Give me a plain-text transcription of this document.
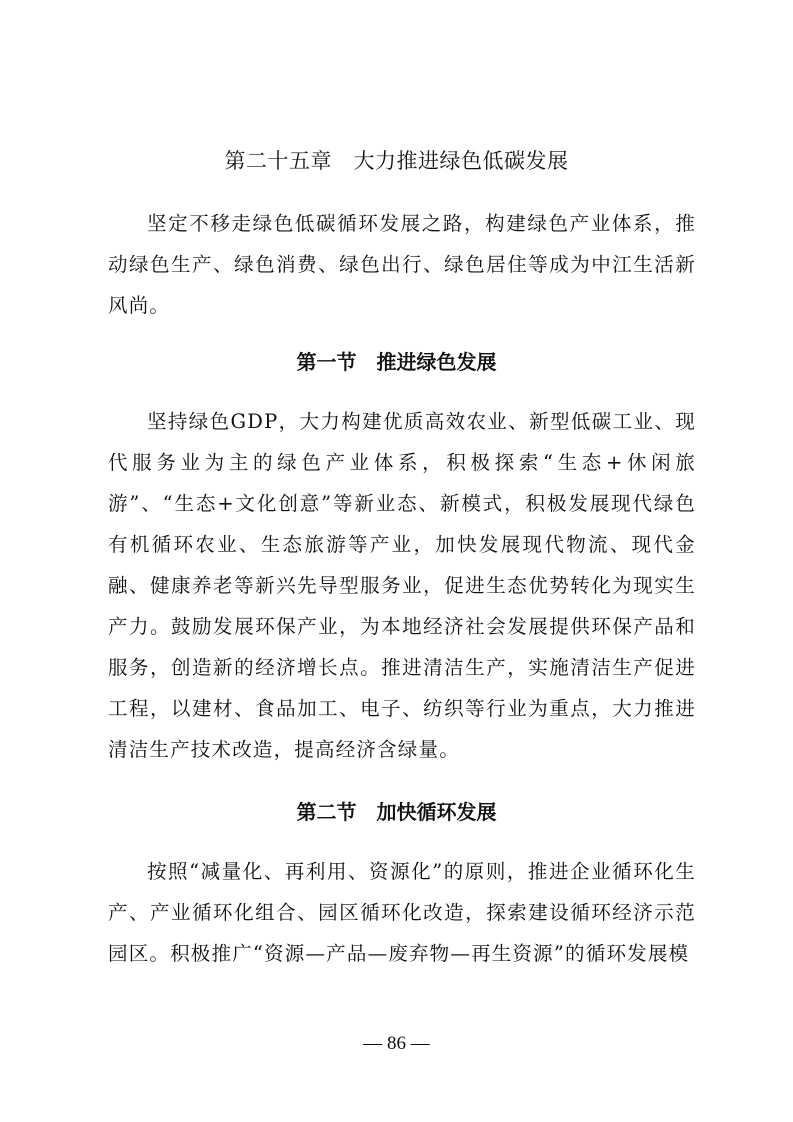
第二十五章　大力推进绿色低碳发展

坚定不移走绿色低碳循环发展之路，构建绿色产业体系，推动绿色生产、绿色消费、绿色出行、绿色居住等成为中江生活新风尚。

第一节　推进绿色发展

坚持绿色GDP，大力构建优质高效农业、新型低碳工业、现代服务业为主的绿色产业体系，积极探索“生态+休闲旅游”、“生态+文化创意”等新业态、新模式，积极发展现代绿色有机循环农业、生态旅游等产业，加快发展现代物流、现代金融、健康养老等新兴先导型服务业，促进生态优势转化为现实生产力。鼓励发展环保产业，为本地经济社会发展提供环保产品和服务，创造新的经济增长点。推进清洁生产，实施清洁生产促进工程，以建材、食品加工、电子、纺织等行业为重点，大力推进清洁生产技术改造，提高经济含绿量。

第二节　加快循环发展

按照“减量化、再利用、资源化”的原则，推进企业循环化生产、产业循环化组合、园区循环化改造，探索建设循环经济示范园区。积极推广“资源—产品—废弃物—再生资源”的循环发展模

— 86 —
